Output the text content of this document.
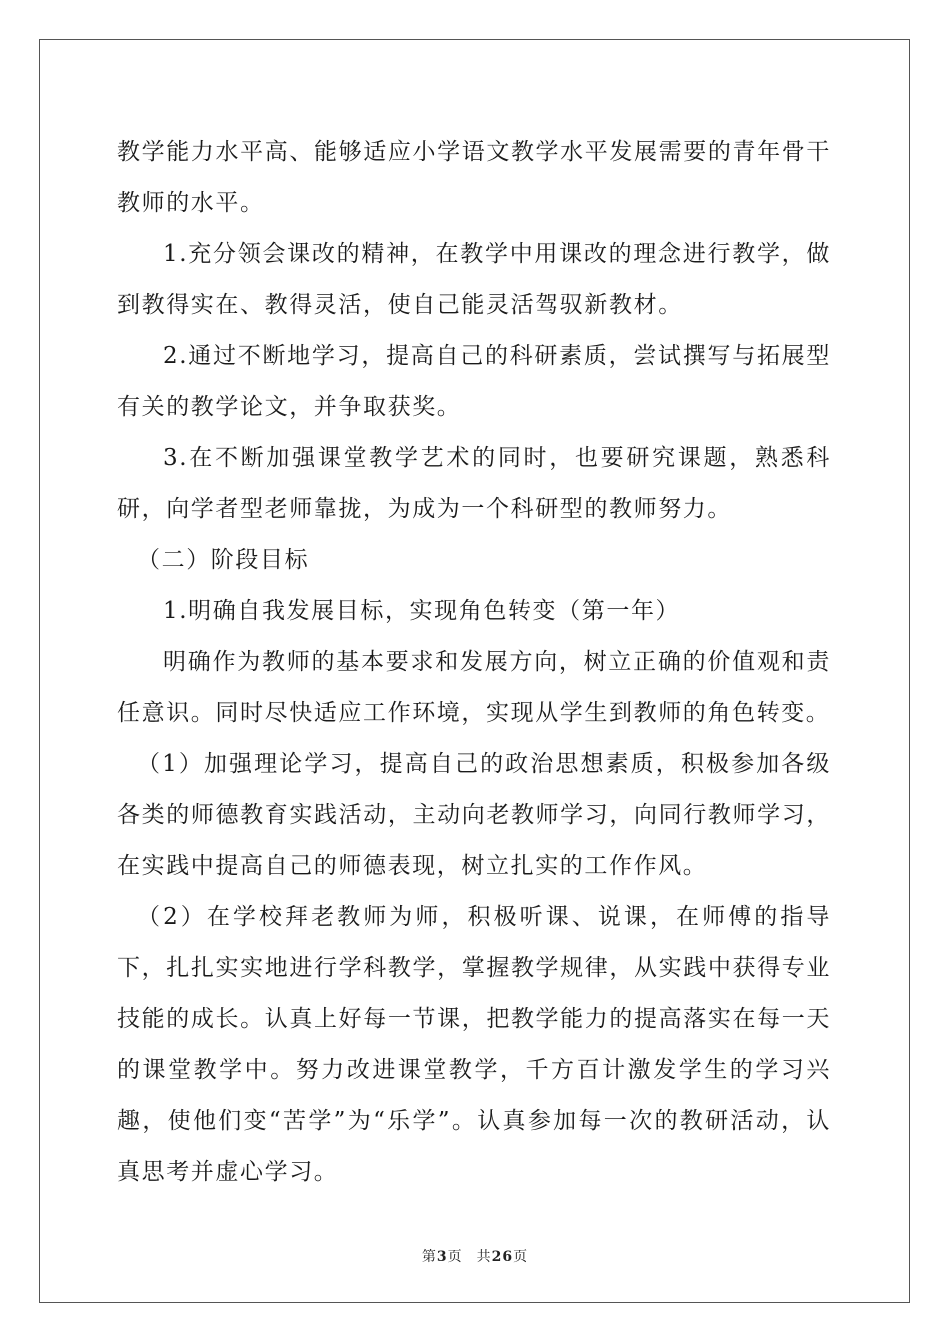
教学能力水平高、能够适应小学语文教学水平发展需要的青年骨干教师的水平。

1.充分领会课改的精神，在教学中用课改的理念进行教学，做到教得实在、教得灵活，使自己能灵活驾驭新教材。

2.通过不断地学习，提高自己的科研素质，尝试撰写与拓展型有关的教学论文，并争取获奖。

3.在不断加强课堂教学艺术的同时，也要研究课题，熟悉科研，向学者型老师靠拢，为成为一个科研型的教师努力。

（二）阶段目标

1.明确自我发展目标，实现角色转变（第一年）

明确作为教师的基本要求和发展方向，树立正确的价值观和责任意识。同时尽快适应工作环境，实现从学生到教师的角色转变。

（1）加强理论学习，提高自己的政治思想素质，积极参加各级各类的师德教育实践活动，主动向老教师学习，向同行教师学习，在实践中提高自己的师德表现，树立扎实的工作作风。

（2）在学校拜老教师为师，积极听课、说课，在师傅的指导下，扎扎实实地进行学科教学，掌握教学规律，从实践中获得专业技能的成长。认真上好每一节课，把教学能力的提高落实在每一天的课堂教学中。努力改进课堂教学，千方百计激发学生的学习兴趣，使他们变“苦学”为“乐学”。认真参加每一次的教研活动，认真思考并虚心学习。

第3页 共26页
